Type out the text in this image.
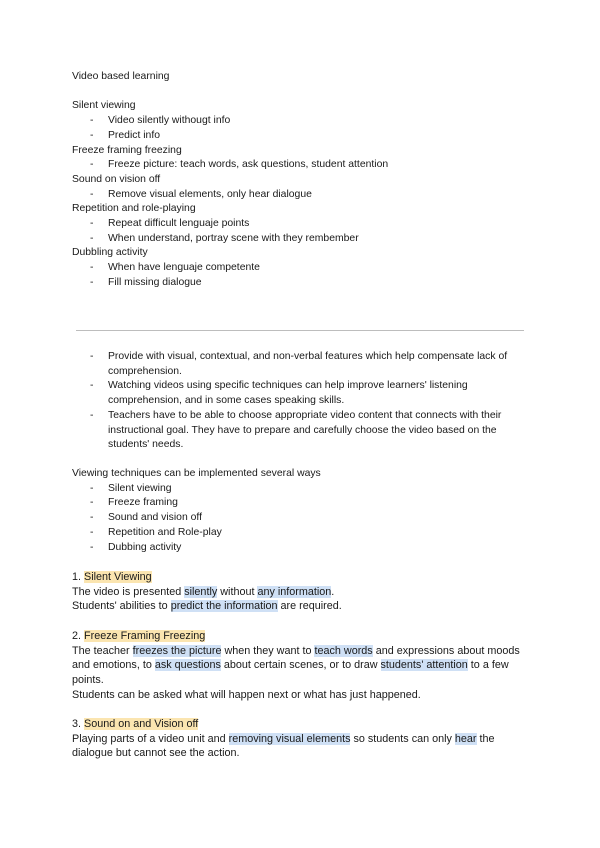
Video based learning
Silent viewing
- Video silently withougt info
- Predict info
Freeze framing freezing
- Freeze picture: teach words, ask questions, student attention
Sound on vision off
- Remove visual elements, only hear dialogue
Repetition and role-playing
- Repeat difficult lenguaje points
- When understand, portray scene with they rembember
Dubbling activity
- When have lenguaje competente
- Fill missing dialogue
- Provide with visual, contextual, and non-verbal features which help compensate lack of comprehension.
- Watching videos using specific techniques can help improve learners' listening comprehension, and in some cases speaking skills.
- Teachers have to be able to choose appropriate video content that connects with their instructional goal. They have to prepare and carefully choose the video based on the students' needs.
Viewing techniques can be implemented several ways
- Silent viewing
- Freeze framing
- Sound and vision off
- Repetition and Role-play
- Dubbing activity
1. Silent Viewing
The video is presented silently without any information.
Students' abilities to predict the information are required.
2. Freeze Framing Freezing
The teacher freezes the picture when they want to teach words and expressions about moods and emotions, to ask questions about certain scenes, or to draw students' attention to a few points.
Students can be asked what will happen next or what has just happened.
3. Sound on and Vision off
Playing parts of a video unit and removing visual elements so students can only hear the dialogue but cannot see the action.
